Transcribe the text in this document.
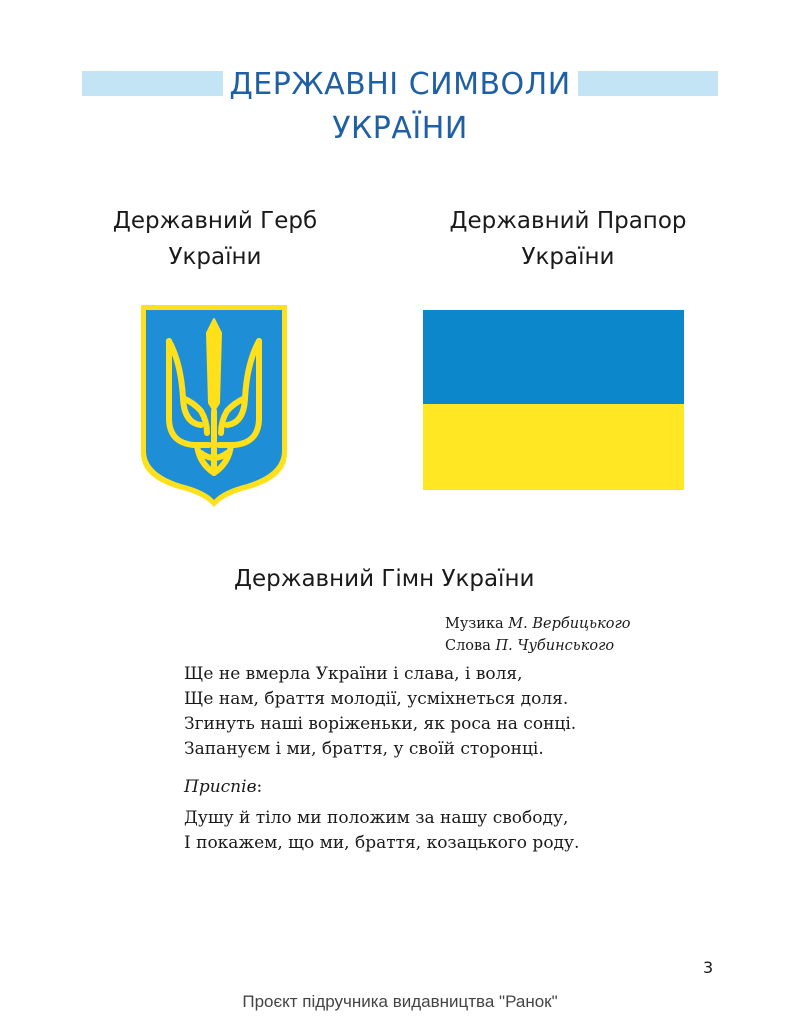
ДЕРЖАВНІ СИМВОЛИ
УКРАЇНИ
Державний Герб
України
Державний Прапор
України
Державний Гімн України
Музика М. Вербицького
Слова П. Чубинського
Ще не вмерла України і слава, і воля,
Ще нам, браття молодії, усміхнеться доля.
Згинуть наші воріженьки, як роса на сонці.
Запануєм і ми, браття, у своїй сторонці.
Приспів:
Душу й тіло ми положим за нашу свободу,
І покажем, що ми, браття, козацького роду.
3
Проєкт підручника видавництва "Ранок"
